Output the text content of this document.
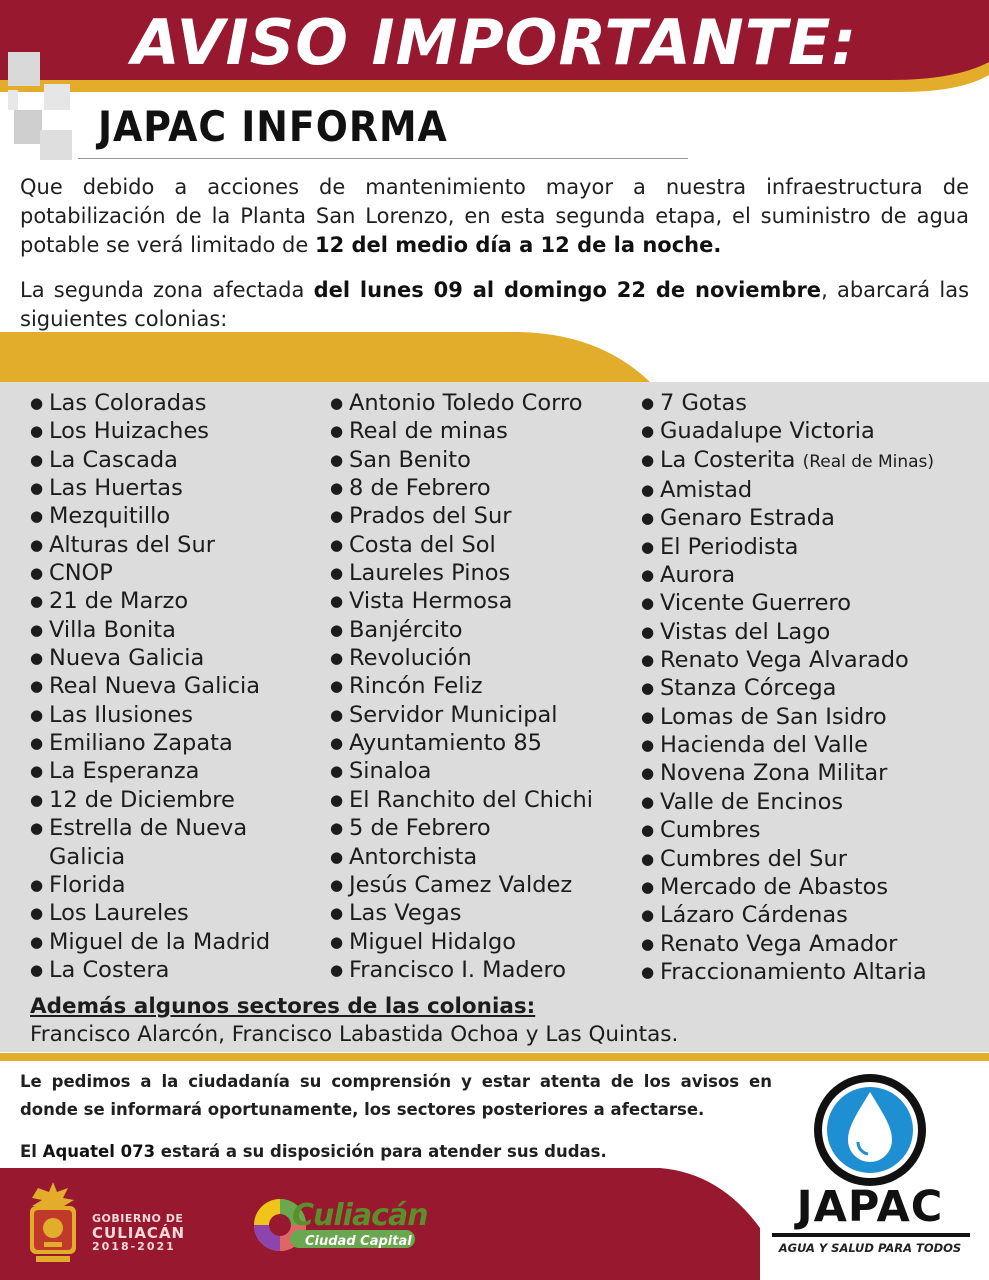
AVISO IMPORTANTE:
JAPAC INFORMA

Que debido a acciones de mantenimiento mayor a nuestra infraestructura de potabilización de la Planta San Lorenzo, en esta segunda etapa, el suministro de agua potable se verá limitado de 12 del medio día a 12 de la noche.

La segunda zona afectada del lunes 09 al domingo 22 de noviembre, abarcará las siguientes colonias:

● Las Coloradas
● Los Huizaches
● La Cascada
● Las Huertas
● Mezquitillo
● Alturas del Sur
● CNOP
● 21 de Marzo
● Villa Bonita
● Nueva Galicia
● Real Nueva Galicia
● Las Ilusiones
● Emiliano Zapata
● La Esperanza
● 12 de Diciembre
● Estrella de Nueva Galicia
● Florida
● Los Laureles
● Miguel de la Madrid
● La Costera
● Antonio Toledo Corro
● Real de minas
● San Benito
● 8 de Febrero
● Prados del Sur
● Costa del Sol
● Laureles Pinos
● Vista Hermosa
● Banjército
● Revolución
● Rincón Feliz
● Servidor Municipal
● Ayuntamiento 85
● Sinaloa
● El Ranchito del Chichi
● 5 de Febrero
● Antorchista
● Jesús Camez Valdez
● Las Vegas
● Miguel Hidalgo
● Francisco I. Madero
● 7 Gotas
● Guadalupe Victoria
● La Costerita (Real de Minas)
● Amistad
● Genaro Estrada
● El Periodista
● Aurora
● Vicente Guerrero
● Vistas del Lago
● Renato Vega Alvarado
● Stanza Córcega
● Lomas de San Isidro
● Hacienda del Valle
● Novena Zona Militar
● Valle de Encinos
● Cumbres
● Cumbres del Sur
● Mercado de Abastos
● Lázaro Cárdenas
● Renato Vega Amador
● Fraccionamiento Altaria
Además algunos sectores de las colonias:
Francisco Alarcón, Francisco Labastida Ochoa y Las Quintas.

Le pedimos a la ciudadanía su comprensión y estar atenta de los avisos en donde se informará oportunamente, los sectores posteriores a afectarse.

El Aquatel 073 estará a su disposición para atender sus dudas.

GOBIERNO DE
CULIACÁN
2018-2021
Culiacán
Ciudad Capital
JAPAC
AGUA Y SALUD PARA TODOS
